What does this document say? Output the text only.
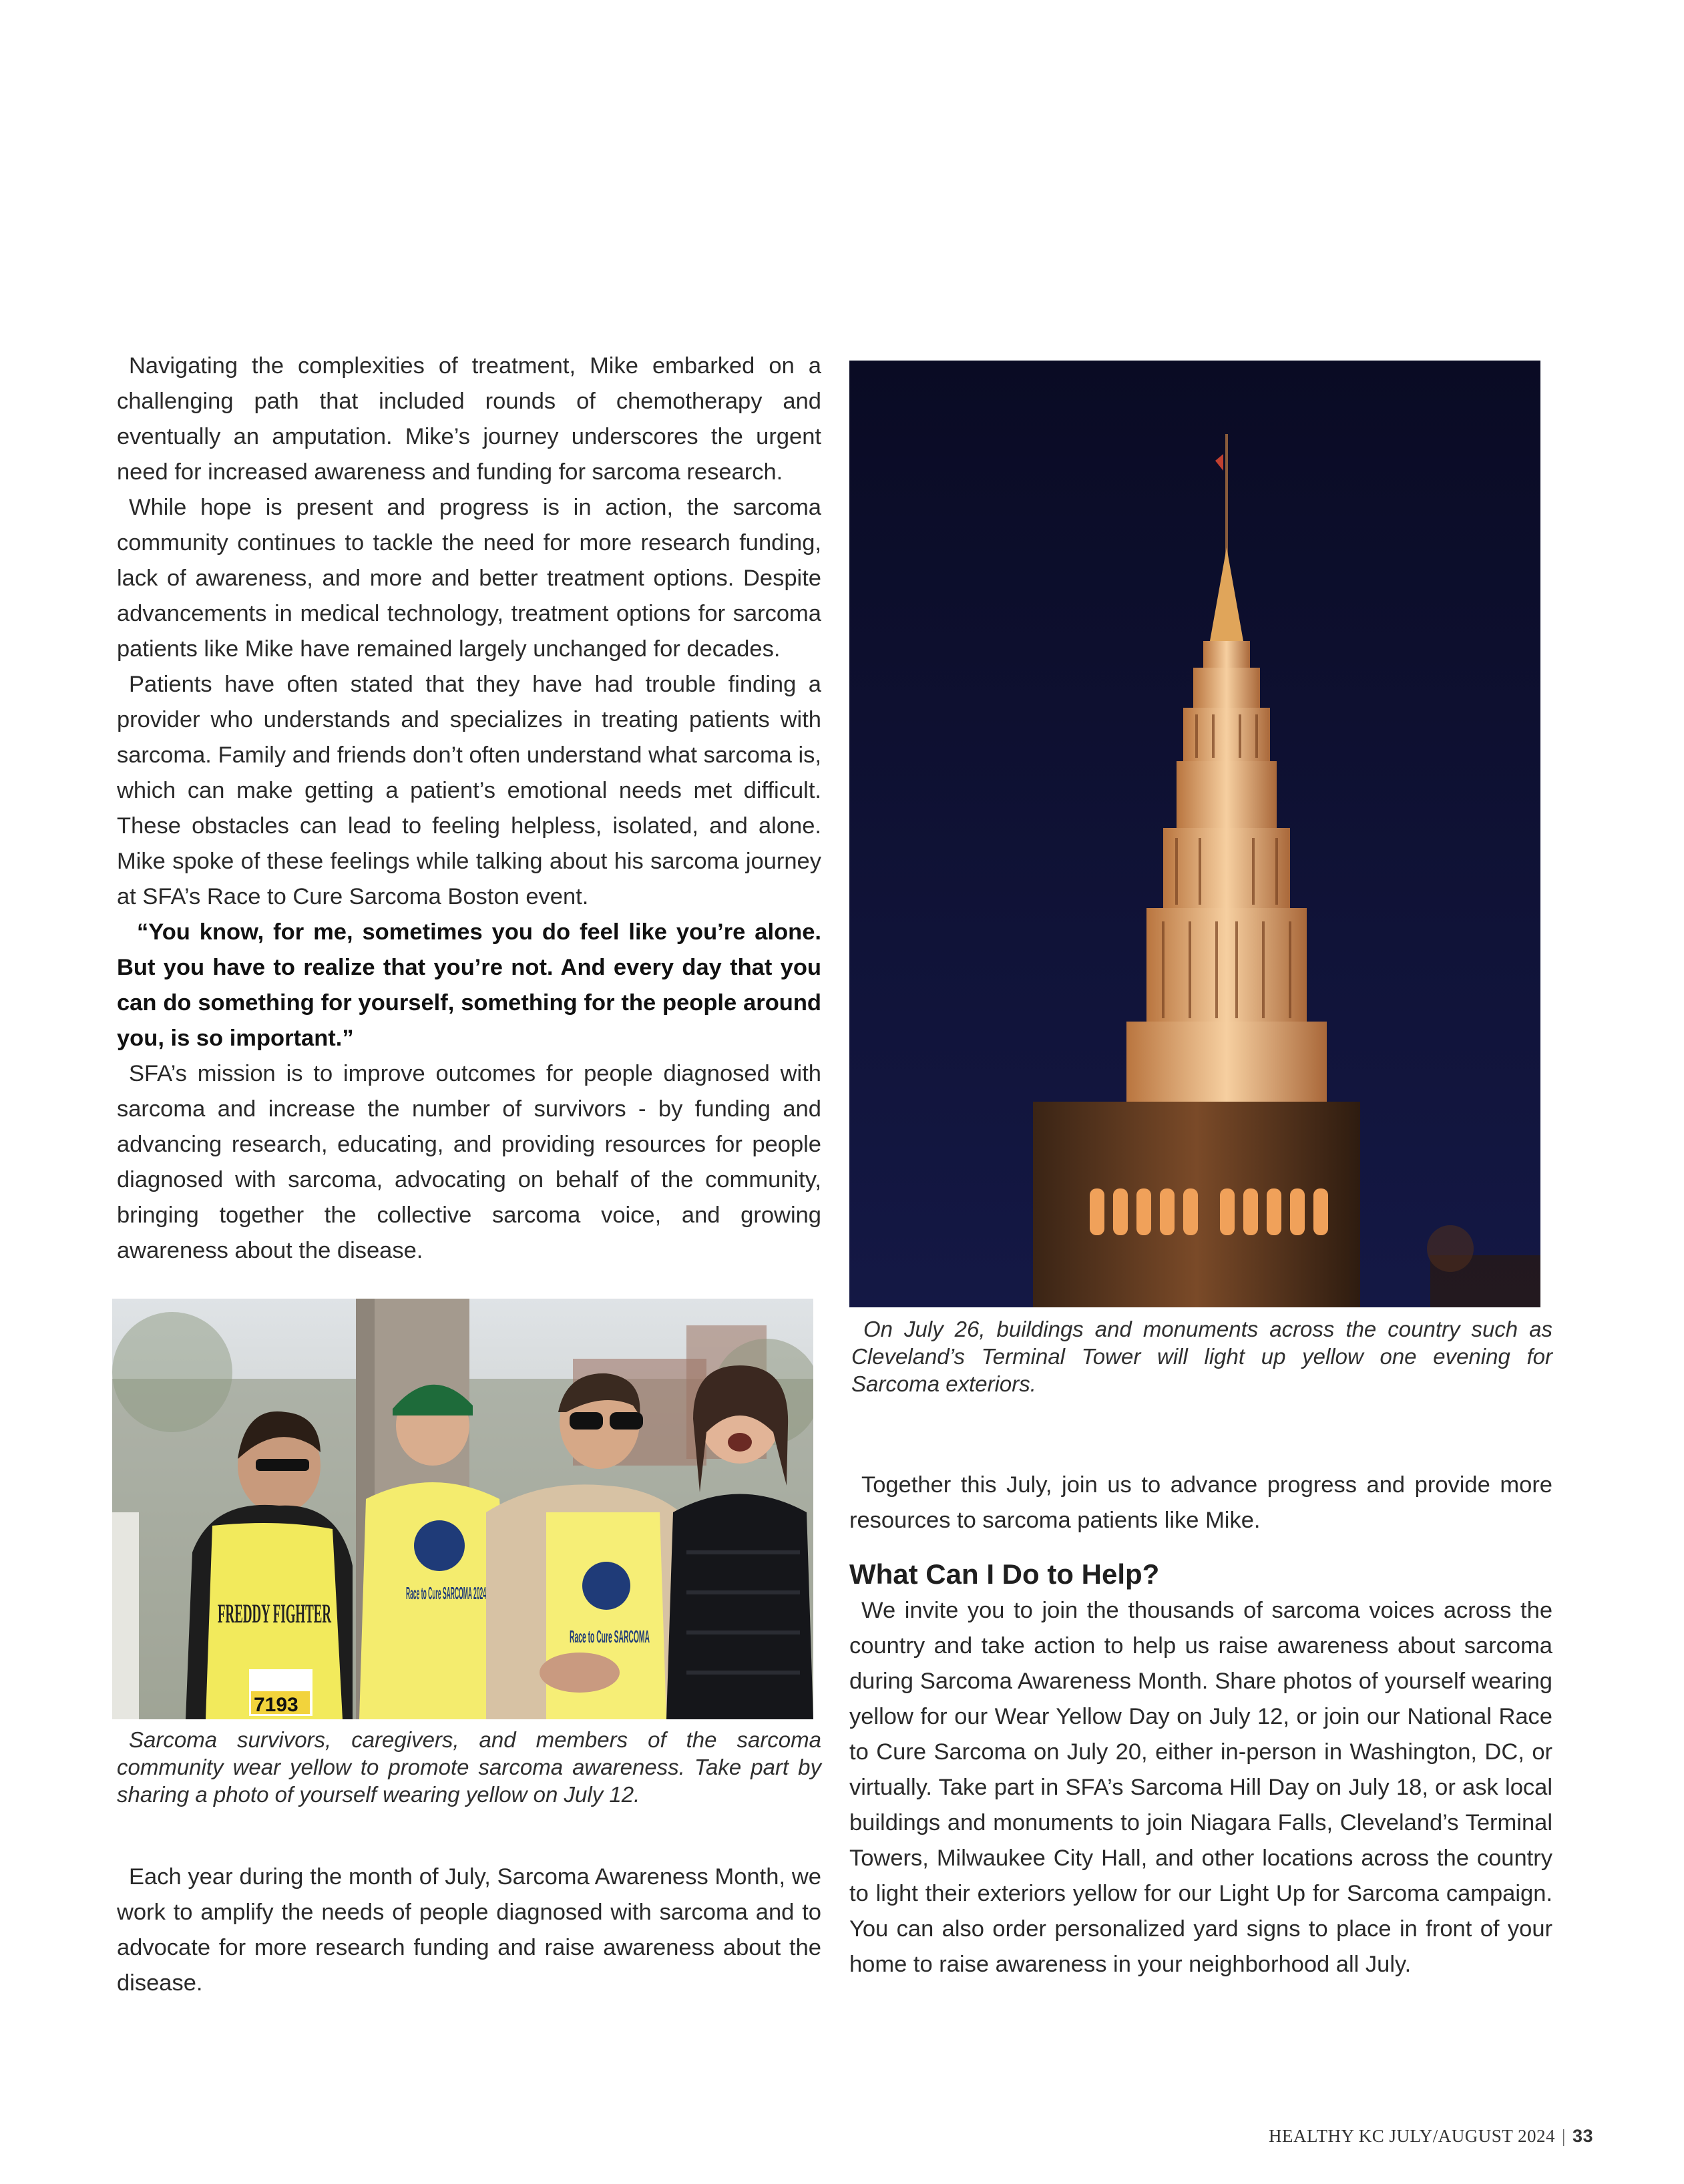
Navigating the complexities of treatment, Mike embarked on a challenging path that included rounds of chemotherapy and eventually an amputation. Mike’s journey underscores the urgent need for increased awareness and funding for sarcoma research.

While hope is present and progress is in action, the sarcoma community continues to tackle the need for more research funding, lack of awareness, and more and better treatment options. Despite advancements in medical technology, treatment options for sarcoma patients like Mike have remained largely unchanged for decades.

Patients have often stated that they have had trouble finding a provider who understands and specializes in treating patients with sarcoma. Family and friends don’t often understand what sarcoma is, which can make getting a patient’s emotional needs met difficult. These obstacles can lead to feeling helpless, isolated, and alone. Mike spoke of these feelings while talking about his sarcoma journey at SFA’s Race to Cure Sarcoma Boston event.

“You know, for me, sometimes you do feel like you’re alone. But you have to realize that you’re not. And every day that you can do something for yourself, something for the people around you, is so important.”

SFA’s mission is to improve outcomes for people diagnosed with sarcoma and increase the number of survivors - by funding and advancing research, educating, and providing resources for people diagnosed with sarcoma, advocating on behalf of the community, bringing together the collective sarcoma voice, and growing awareness about the disease.

FREDDY FIGHTER
7193
Race to Cure SARCOMA 2024
Race to Cure SARCOMA

Sarcoma survivors, caregivers, and members of the sarcoma community wear yellow to promote sarcoma awareness. Take part by sharing a photo of yourself wearing yellow on July 12.

Each year during the month of July, Sarcoma Awareness Month, we work to amplify the needs of people diagnosed with sarcoma and to advocate for more research funding and raise awareness about the disease.

On July 26, buildings and monuments across the country such as Cleveland’s Terminal Tower will light up yellow one evening for Sarcoma exteriors.

Together this July, join us to advance progress and provide more resources to sarcoma patients like Mike.

What Can I Do to Help?

We invite you to join the thousands of sarcoma voices across the country and take action to help us raise awareness about sarcoma during Sarcoma Awareness Month. Share photos of yourself wearing yellow for our Wear Yellow Day on July 12, or join our National Race to Cure Sarcoma on July 20, either in-person in Washington, DC, or virtually. Take part in SFA’s Sarcoma Hill Day on July 18, or ask local buildings and monuments to join Niagara Falls, Cleveland’s Terminal Towers, Milwaukee City Hall, and other locations across the country to light their exteriors yellow for our Light Up for Sarcoma campaign. You can also order personalized yard signs to place in front of your home to raise awareness in your neighborhood all July.

HEALTHY KC JULY/AUGUST 2024 | 33
